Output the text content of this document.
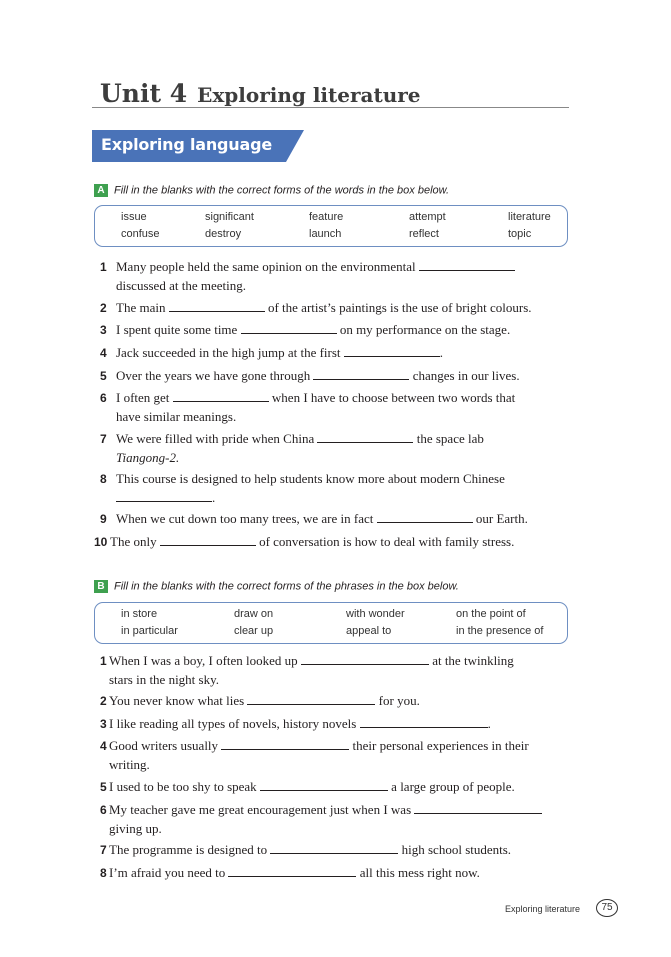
Unit 4 Exploring literature
Exploring language
A Fill in the blanks with the correct forms of the words in the box below.
issue	significant	feature	attempt	literature
confuse	destroy	launch	reflect	topic
1 Many people held the same opinion on the environmental
discussed at the meeting.
2 The main	of the artist’s paintings is the use of bright colours.
3 I spent quite some time	on my performance on the stage.
4 Jack succeeded in the high jump at the first	.
5 Over the years we have gone through	changes in our lives.
6 I often get	when I have to choose between two words that
have similar meanings.
7 We were filled with pride when China	the space lab
Tiangong-2.
8 This course is designed to help students know more about modern Chinese
.
9 When we cut down too many trees, we are in fact	our Earth.
10 The only	of conversation is how to deal with family stress.
B Fill in the blanks with the correct forms of the phrases in the box below.
in store	draw on	with wonder	on the point of
in particular	clear up	appeal to	in the presence of
1 When I was a boy, I often looked up	at the twinkling
stars in the night sky.
2 You never know what lies	for you.
3 I like reading all types of novels, history novels	.
4 Good writers usually	their personal experiences in their
writing.
5 I used to be too shy to speak	a large group of people.
6 My teacher gave me great encouragement just when I was
giving up.
7 The programme is designed to	high school students.
8 I’m afraid you need to	all this mess right now.
Exploring literature	75
